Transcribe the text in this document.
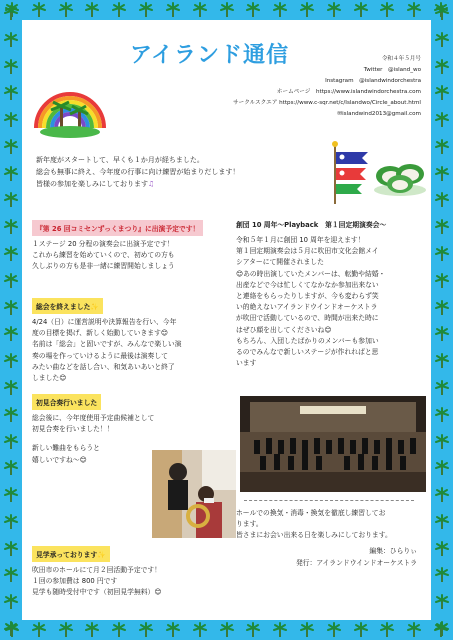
アイランド通信	令和４年５月号
Twitter　@island_wo
Instagram　@islandwindorchestra
ホームページ　https://www.islandwindorchestra.com
サークルスクエア https://www.c-sqr.net/c/Islandwo/Circle_about.html
✉islandwind2013@gmail.com
新年度がスタートして、早くも１か月が経ちました。
総会も無事に終え、今年度の行事に向け練習が始まりだします！
皆様の参加を楽しみにしております♫
『第 26 回コミセンずっくまつり』に出演予定です！
１ステージ 20 分程の演奏会に出演予定です！
これから練習を始めていくので、初めての方も
久しぶりの方も是非一緒に練習開始しましょう
総会を終えました✨
4/24（日）に運営説明や決算報告を行い、今年
度の目標を掲げ、新しく始動していきます😊
名前は「総会」と固いですが、みんなで楽しい演
奏の場を作っていけるように最後は演奏して
みたい曲などを話し合い、和気あいあいと終了
しました😊
初見合奏行いました
総会後に、今年度使用予定曲候補として
初見合奏を行いました！！
新しい難曲をもらうと
嬉しいですね〜😊
見学承っております✨
吹田市のホールにて月２回活動予定です！
１回の参加費は 800 円です
見学も随時受付中です（初回見学無料）😊
創団 10 周年〜Playback　第１回定期演奏会〜
令和５年１月に創団 10 周年を迎えます！
第１回定期演奏会は５月に吹田市文化会館メイ
シアターにて開催されました
😊あの時出演していたメンバーは、転勤や結婚・
出産などで今は忙しくてなかなか参加出来ない
と連絡をもらったりしますが、今も変わらず笑
い的絶えないアイランドウインドオーケストラ
が吹田で活動しているので、時間が出来た時に
はぜひ顔を出してくださいね😊
もちろん、入団したばかりのメンバーも参加い
るのでみんなで新しいステージが作れればと思
います
ホールでの換気・消毒・換気を徹底し練習してお
ります。
皆さまにお会い出来る日を楽しみにしております。
編集：ひらりぃ
発行：アイランドウインドオーケストラ
